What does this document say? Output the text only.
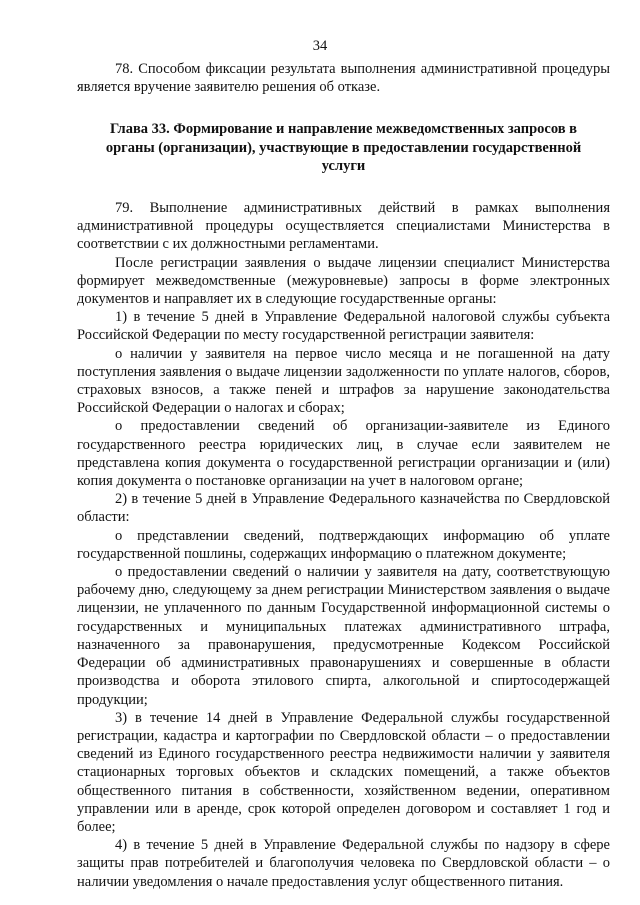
34

78. Способом фиксации результата выполнения административной процедуры является вручение заявителю решения об отказе.

Глава 33. Формирование и направление межведомственных запросов в органы (организации), участвующие в предоставлении государственной услуги

79. Выполнение административных действий в рамках выполнения административной процедуры осуществляется специалистами Министерства в соответствии с их должностными регламентами.

После регистрации заявления о выдаче лицензии специалист Министерства формирует межведомственные (межуровневые) запросы в форме электронных документов и направляет их в следующие государственные органы:

1) в течение 5 дней в Управление Федеральной налоговой службы субъекта Российской Федерации по месту государственной регистрации заявителя:

о наличии у заявителя на первое число месяца и не погашенной на дату поступления заявления о выдаче лицензии задолженности по уплате налогов, сборов, страховых взносов, а также пеней и штрафов за нарушение законодательства Российской Федерации о налогах и сборах;

о предоставлении сведений об организации-заявителе из Единого государственного реестра юридических лиц, в случае если заявителем не представлена копия документа о государственной регистрации организации и (или) копия документа о постановке организации на учет в налоговом органе;

2) в течение 5 дней в Управление Федерального казначейства по Свердловской области:

о представлении сведений, подтверждающих информацию об уплате государственной пошлины, содержащих информацию о платежном документе;

о предоставлении сведений о наличии у заявителя на дату, соответствующую рабочему дню, следующему за днем регистрации Министерством заявления о выдаче лицензии, не уплаченного по данным Государственной информационной системы о государственных и муниципальных платежах административного штрафа, назначенного за правонарушения, предусмотренные Кодексом Российской Федерации об административных правонарушениях и совершенные в области производства и оборота этилового спирта, алкогольной и спиртосодержащей продукции;

3) в течение 14 дней в Управление Федеральной службы государственной регистрации, кадастра и картографии по Свердловской области – о предоставлении сведений из Единого государственного реестра недвижимости наличии у заявителя стационарных торговых объектов и складских помещений, а также объектов общественного питания в собственности, хозяйственном ведении, оперативном управлении или в аренде, срок которой определен договором и составляет 1 год и более;

4) в течение 5 дней в Управление Федеральной службы по надзору в сфере защиты прав потребителей и благополучия человека по Свердловской области – о наличии уведомления о начале предоставления услуг общественного питания.
